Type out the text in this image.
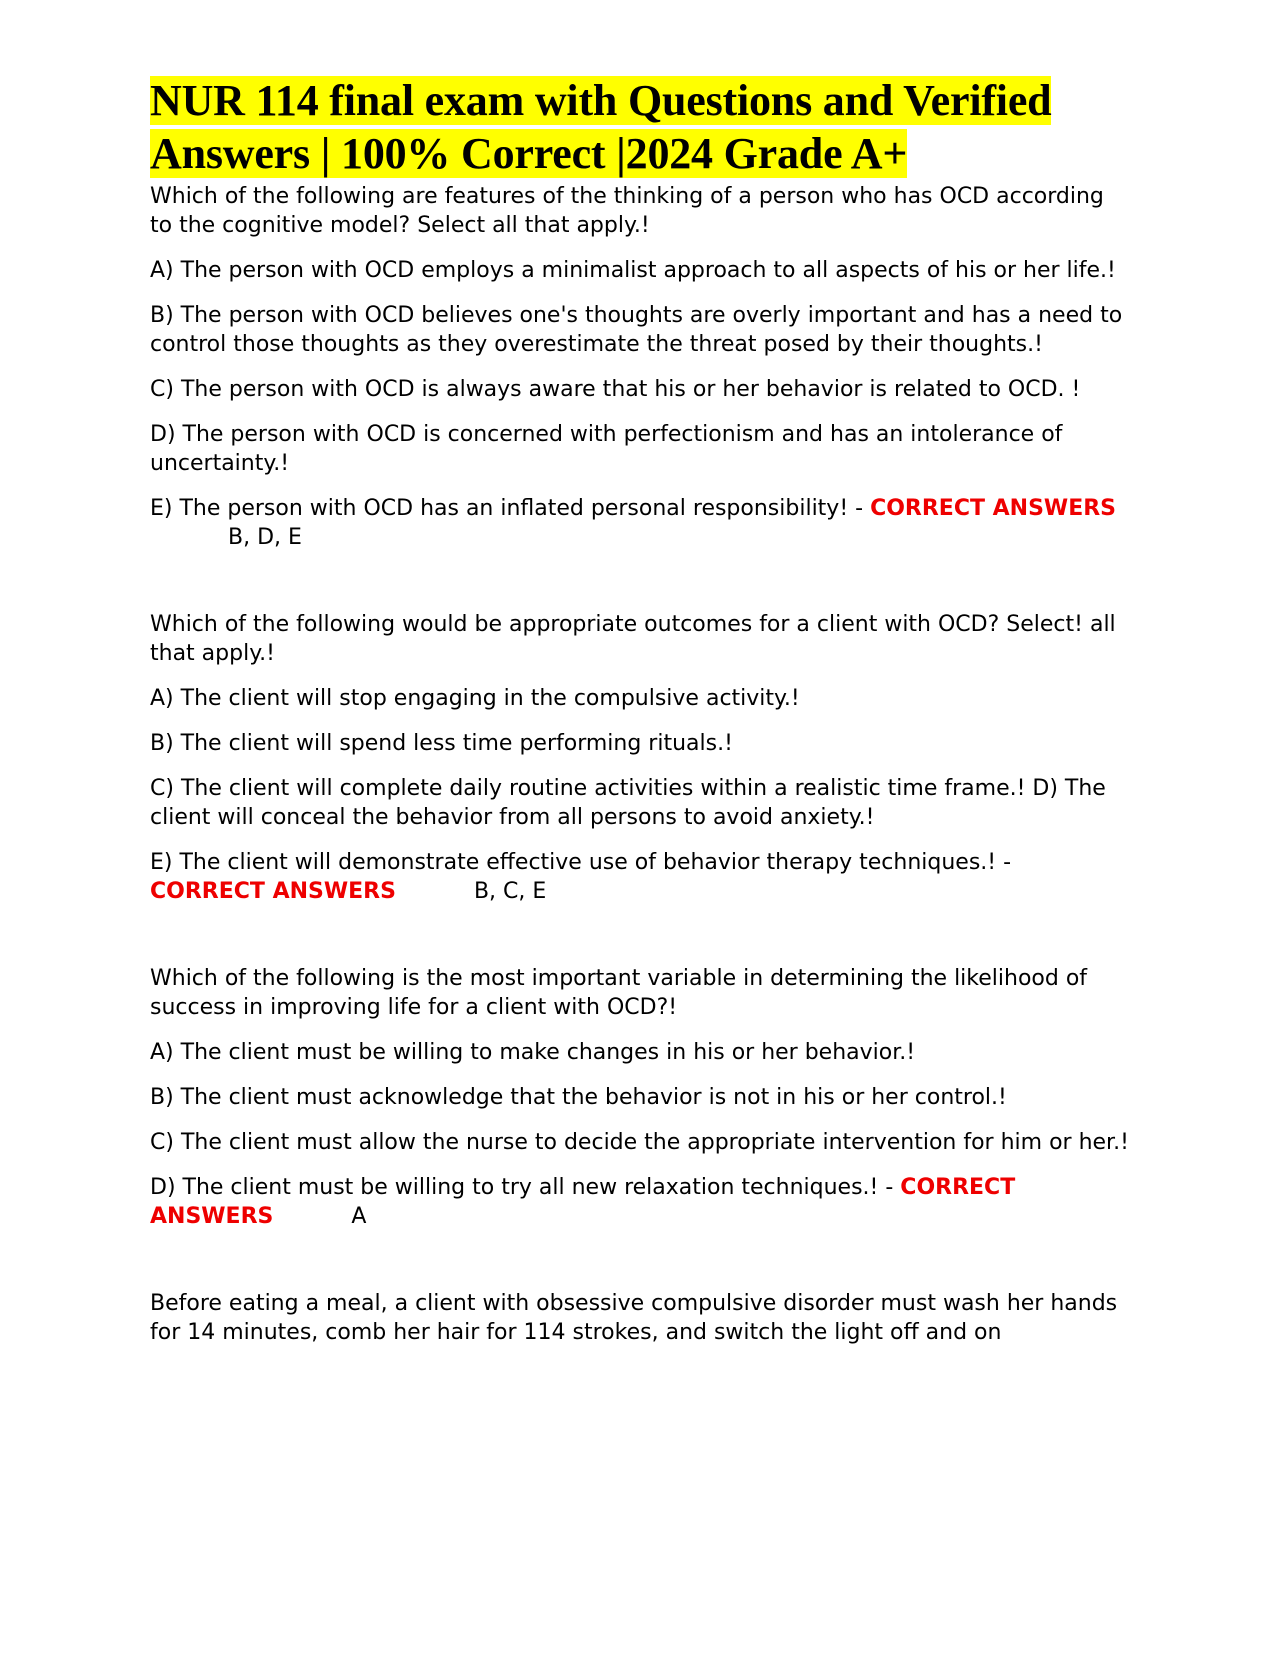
NUR 114 final exam with Questions and Verified Answers | 100% Correct |2024 Grade A+

Which of the following are features of the thinking of a person who has OCD according to the cognitive model? Select all that apply.!

A) The person with OCD employs a minimalist approach to all aspects of his or her life.!

B) The person with OCD believes one's thoughts are overly important and has a need to control those thoughts as they overestimate the threat posed by their thoughts.!

C) The person with OCD is always aware that his or her behavior is related to OCD. !

D) The person with OCD is concerned with perfectionism and has an intolerance of uncertainty.!

E) The person with OCD has an inflated personal responsibility! - CORRECT ANSWERSB, D, E

Which of the following would be appropriate outcomes for a client with OCD? Select! all that apply.!

A) The client will stop engaging in the compulsive activity.!

B) The client will spend less time performing rituals.!

C) The client will complete daily routine activities within a realistic time frame.! D) The client will conceal the behavior from all persons to avoid anxiety.!

E) The client will demonstrate effective use of behavior therapy techniques.! - CORRECT ANSWERS	B, C, E

Which of the following is the most important variable in determining the likelihood of success in improving life for a client with OCD?!

A) The client must be willing to make changes in his or her behavior.!

B) The client must acknowledge that the behavior is not in his or her control.!

C) The client must allow the nurse to decide the appropriate intervention for him or her.!

D) The client must be willing to try all new relaxation techniques.! - CORRECT ANSWERS	A

Before eating a meal, a client with obsessive compulsive disorder must wash her hands for 14 minutes, comb her hair for 114 strokes, and switch the light off and on
